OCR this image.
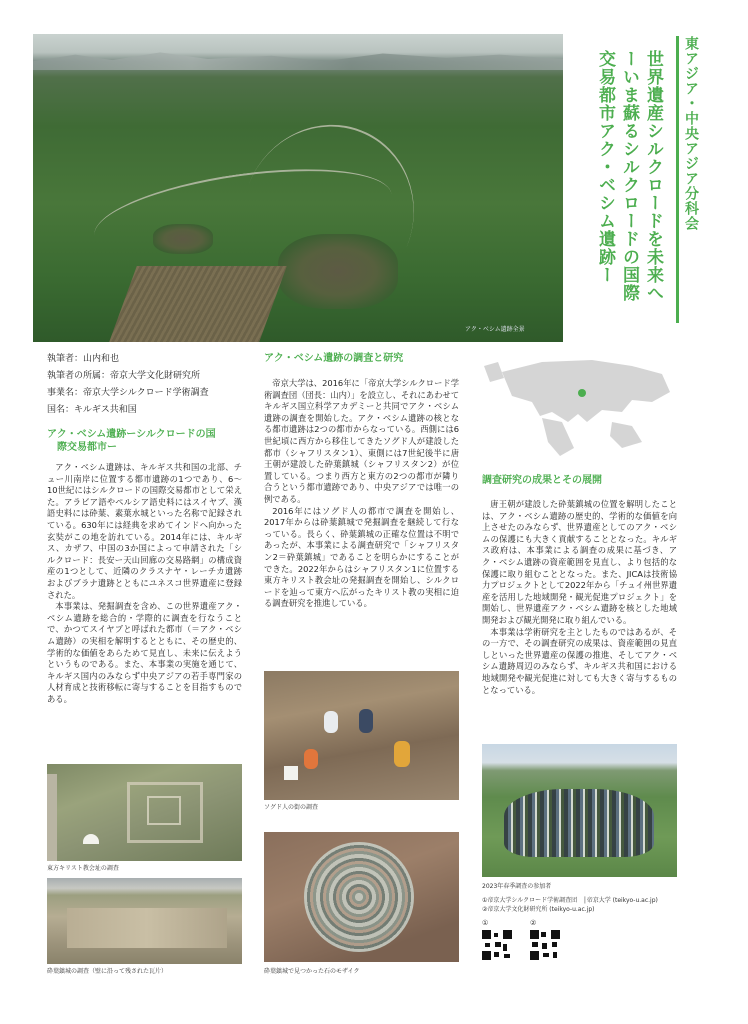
アク・ベシム遺跡全景
東アジア・中央アジア分科会
世界遺産シルクロードを未来へ
ーいま蘇るシルクロードの国際
交易都市アク・ベシム遺跡ー
執筆者：山内和也
執筆者の所属：帝京大学文化財研究所
事業名：帝京大学シルクロード学術調査
国名：キルギス共和国
アク・ベシム遺跡ーシルクロードの国
際交易都市ー

アク・ベシム遺跡は、キルギス共和国の北部、チュー川南岸に位置する都市遺跡の1つであり、6〜10世紀にはシルクロードの国際交易都市として栄えた。アラビア語やペルシア語史料にはスイヤブ、漢語史料には砕葉、素葉水城といった名称で記録されている。630年には経典を求めてインドへ向かった玄奘がこの地を訪れている。2014年には、キルギス、カザフ、中国の3か国によって申請された「シルクロード：長安ー天山回廊の交易路網」の構成資産の1つとして、近隣のクラスナヤ・レーチカ遺跡およびブラナ遺跡とともにユネスコ世界遺産に登録された。

本事業は、発掘調査を含め、この世界遺産アク・ベシム遺跡を総合的・学際的に調査を行なうことで、かつてスイヤブと呼ばれた都市（＝アク・ベシム遺跡）の実相を解明するとともに、その歴史的、学術的な価値をあらためて見直し、未来に伝えようというものである。また、本事業の実施を通じて、キルギス国内のみならず中央アジアの若手専門家の人材育成と技術移転に寄与することを目指すものである。

東方キリスト教会址の調査
砕葉鎮城の調査（壁に沿って残された瓦片）
アク・ベシム遺跡の調査と研究

帝京大学は、2016年に「帝京大学シルクロード学術調査団（団長：山内）」を設立し、それにあわせてキルギス国立科学アカデミーと共同でアク・ベシム遺跡の調査を開始した。アク・ベシム遺跡の核となる都市遺跡は2つの都市からなっている。西側には6世紀頃に西方から移住してきたソグド人が建設した都市（シャフリスタン1）、東側には7世紀後半に唐王朝が建設した砕葉鎮城（シャフリスタン2）が位置している。つまり西方と東方の2つの都市が隣り合うという都市遺跡であり、中央アジアでは唯一の例である。

2016年にはソグド人の都市で調査を開始し、2017年からは砕葉鎮城で発掘調査を継続して行なっている。長らく、砕葉鎮城の正確な位置は不明であったが、本事業による調査研究で「シャフリスタン2＝砕葉鎮城」であることを明らかにすることができた。2022年からはシャフリスタン1に位置する東方キリスト教会址の発掘調査を開始し、シルクロードを辿って東方へ広がったキリスト教の実相に迫る調査研究を推進している。

ソグド人の街の調査
砕葉鎮城で見つかった石のモザイク
調査研究の成果とその展開

唐王朝が建設した砕葉鎮城の位置を解明したことは、アク・ベシム遺跡の歴史的、学術的な価値を向上させたのみならず、世界遺産としてのアク・ベシムの保護にも大きく貢献することとなった。キルギス政府は、本事業による調査の成果に基づき、アク・ベシム遺跡の資産範囲を見直し、より包括的な保護に取り組むこととなった。また、JICAは技術協力プロジェクトとして2022年から「チュイ州世界遺産を活用した地域開発・観光促進プロジェクト」を開始し、世界遺産アク・ベシム遺跡を核とした地域開発および観光開発に取り組んでいる。

本事業は学術研究を主としたものではあるが、その一方で、その調査研究の成果は、資産範囲の見直しといった世界遺産の保護の推進、そしてアク・ベシム遺跡周辺のみならず、キルギス共和国における地域開発や観光促進に対しても大きく寄与するものとなっている。

2023年春季調査の参加者
①帝京大学シルクロード学術調査団　│帝京大学 (teikyo-u.ac.jp)
②帝京大学文化財研究所 (teikyo-u.ac.jp)
①	②
